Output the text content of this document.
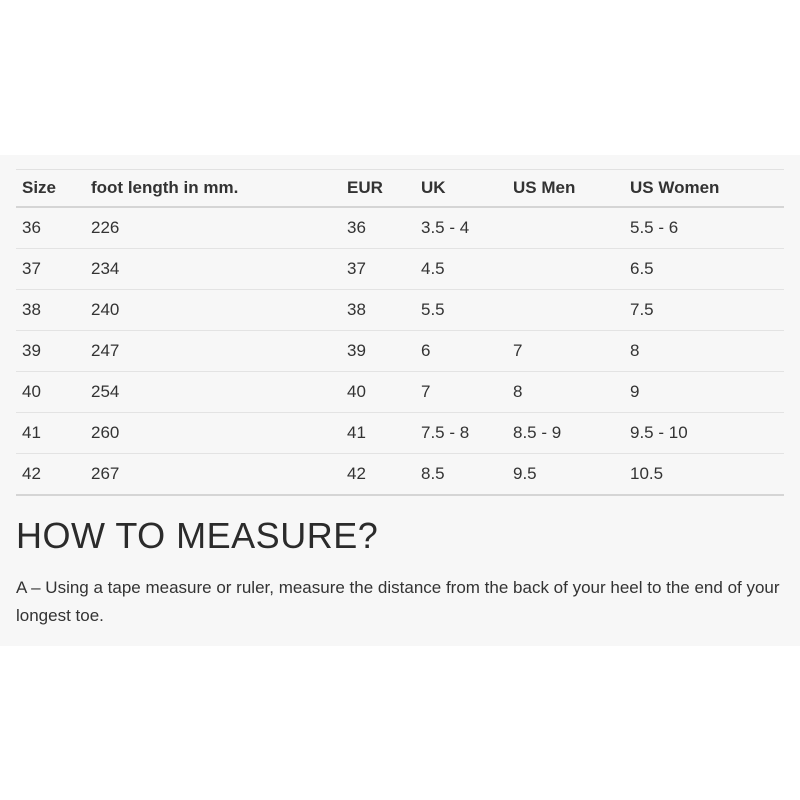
Size	foot length in mm.	EUR	UK	US Men	US Women
36	226	36	3.5 - 4		5.5 - 6
37	234	37	4.5		6.5
38	240	38	5.5		7.5
39	247	39	6	7	8
40	254	40	7	8	9
41	260	41	7.5 - 8	8.5 - 9	9.5 - 10
42	267	42	8.5	9.5	10.5
HOW TO MEASURE?

A – Using a tape measure or ruler, measure the distance from the back of your heel to the end of your longest toe.
